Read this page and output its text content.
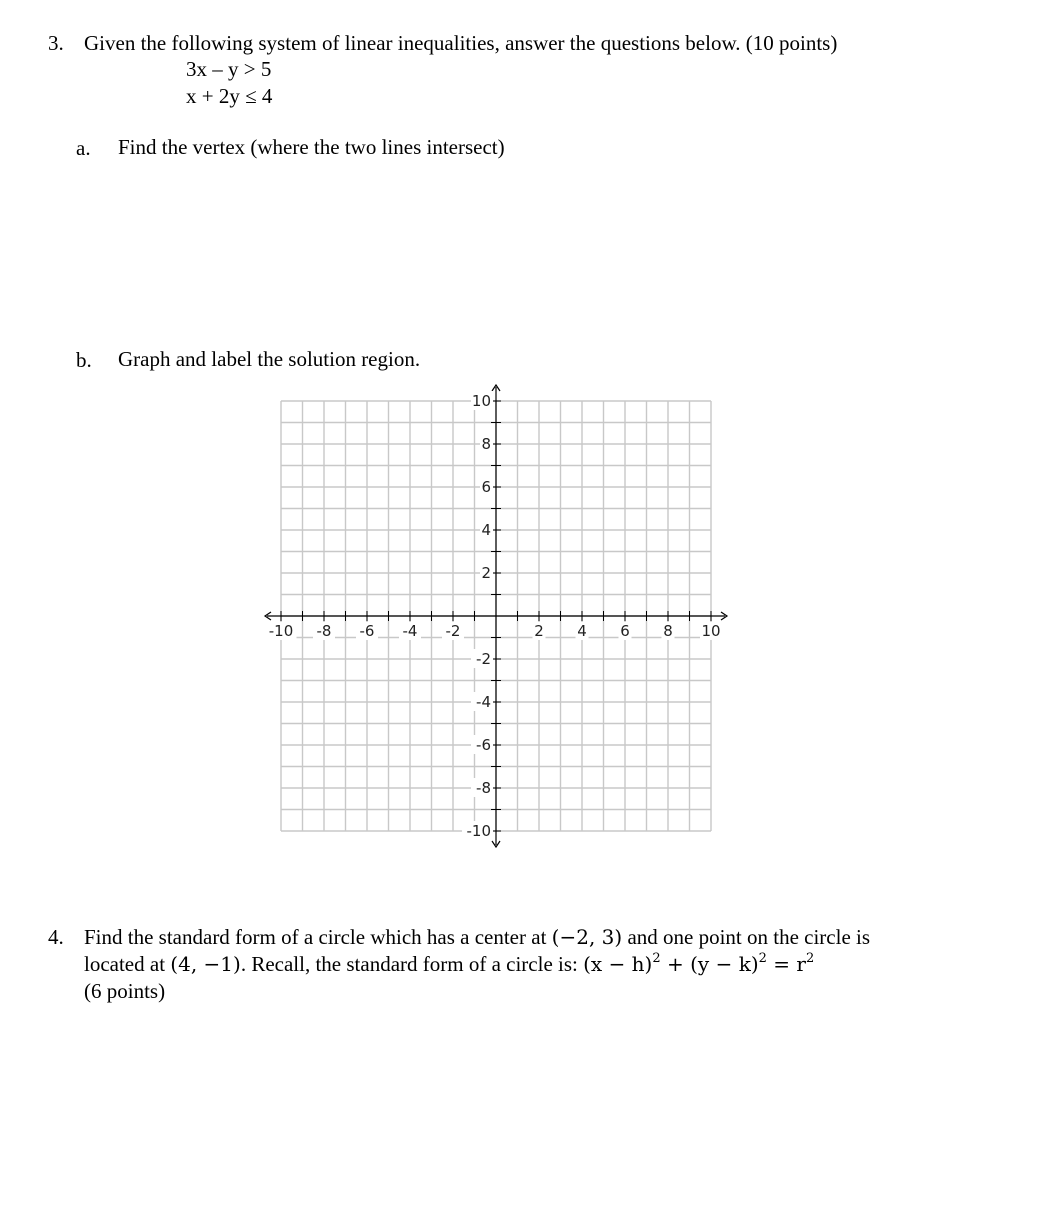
3. Given the following system of linear inequalities, answer the questions below. (10 points)
3x – y > 5
x + 2y ≤ 4
a. Find the vertex (where the two lines intersect)
b. Graph and label the solution region.
-10 -8 -6 -4 -2	2 4 6 8 10
10
8
6
4
2
-2
-4
-6
-8
-10
4. Find the standard form of a circle which has a center at (−2, 3) and one point on the circle is
located at (4, −1). Recall, the standard form of a circle is: $(x - h)^2 + (y - k)^2 = r^2$
(6 points)
